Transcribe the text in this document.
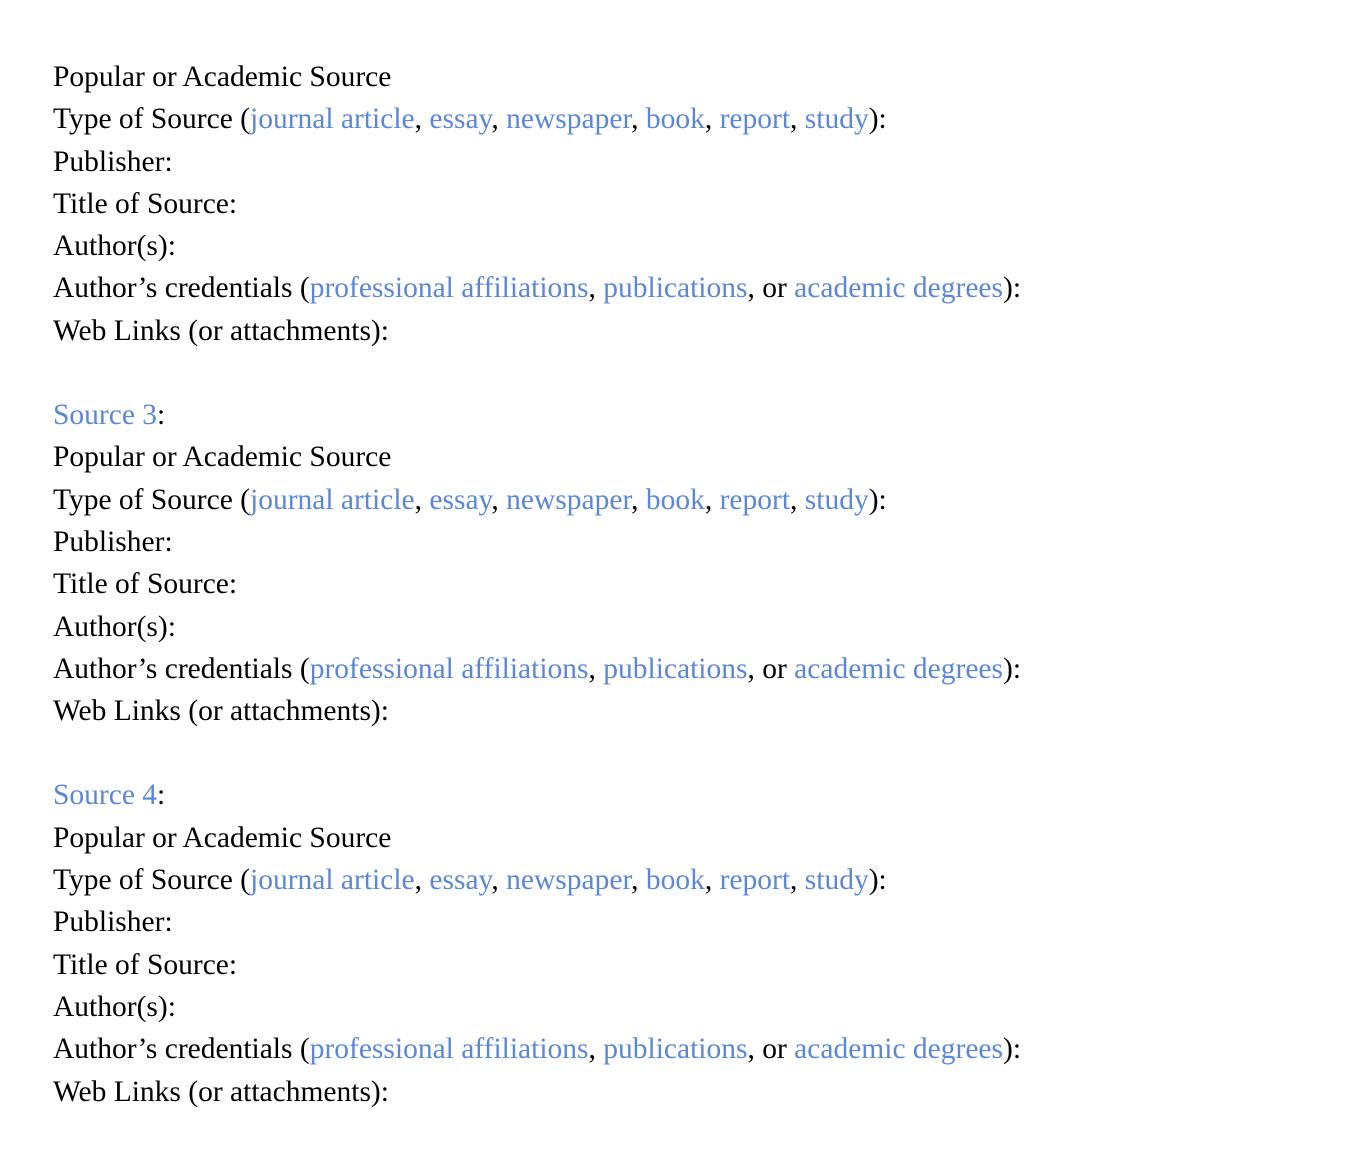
Popular or Academic Source
Type of Source (journal article, essay, newspaper, book, report, study):
Publisher:
Title of Source:
Author(s):
Author’s credentials (professional affiliations, publications, or academic degrees):
Web Links (or attachments):
Source 3:
Popular or Academic Source
Type of Source (journal article, essay, newspaper, book, report, study):
Publisher:
Title of Source:
Author(s):
Author’s credentials (professional affiliations, publications, or academic degrees):
Web Links (or attachments):
Source 4:
Popular or Academic Source
Type of Source (journal article, essay, newspaper, book, report, study):
Publisher:
Title of Source:
Author(s):
Author’s credentials (professional affiliations, publications, or academic degrees):
Web Links (or attachments):
